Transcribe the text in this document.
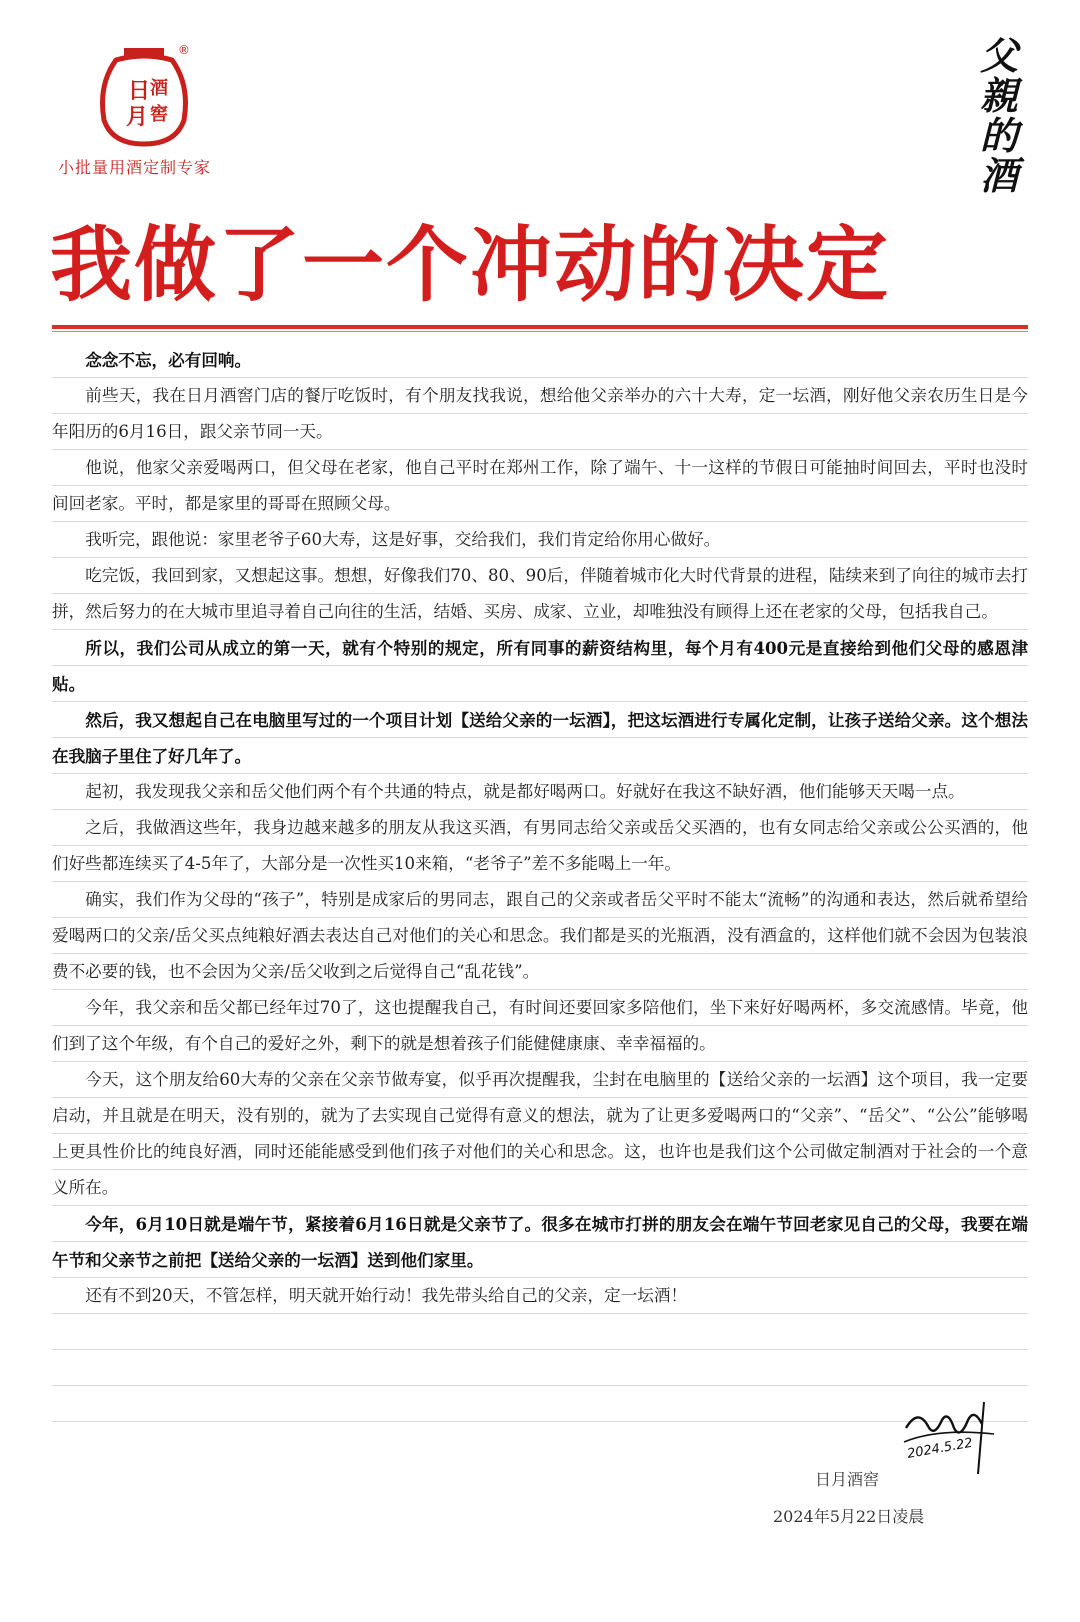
日 酒
月 窖
®
小批量用酒定制专家
父
親
的
酒
我做了一个冲动的决定

念念不忘，必有回响。

前些天，我在日月酒窖门店的餐厅吃饭时，有个朋友找我说，想给他父亲举办的六十大寿，定一坛酒，刚好他父亲农历生日是今年阳历的6月16日，跟父亲节同一天。

他说，他家父亲爱喝两口，但父母在老家，他自己平时在郑州工作，除了端午、十一这样的节假日可能抽时间回去，平时也没时间回老家。平时，都是家里的哥哥在照顾父母。

我听完，跟他说：家里老爷子60大寿，这是好事，交给我们，我们肯定给你用心做好。

吃完饭，我回到家，又想起这事。想想，好像我们70、80、90后，伴随着城市化大时代背景的进程，陆续来到了向往的城市去打拼，然后努力的在大城市里追寻着自己向往的生活，结婚、买房、成家、立业，却唯独没有顾得上还在老家的父母，包括我自己。

所以，我们公司从成立的第一天，就有个特别的规定，所有同事的薪资结构里，每个月有400元是直接给到他们父母的感恩津贴。

然后，我又想起自己在电脑里写过的一个项目计划【送给父亲的一坛酒】，把这坛酒进行专属化定制，让孩子送给父亲。这个想法在我脑子里住了好几年了。

起初，我发现我父亲和岳父他们两个有个共通的特点，就是都好喝两口。好就好在我这不缺好酒，他们能够天天喝一点。

之后，我做酒这些年，我身边越来越多的朋友从我这买酒，有男同志给父亲或岳父买酒的，也有女同志给父亲或公公买酒的，他们好些都连续买了4-5年了，大部分是一次性买10来箱，“老爷子”差不多能喝上一年。

确实，我们作为父母的“孩子”，特别是成家后的男同志，跟自己的父亲或者岳父平时不能太“流畅”的沟通和表达，然后就希望给爱喝两口的父亲/岳父买点纯粮好酒去表达自己对他们的关心和思念。我们都是买的光瓶酒，没有酒盒的，这样他们就不会因为包装浪费不必要的钱，也不会因为父亲/岳父收到之后觉得自己“乱花钱”。

今年，我父亲和岳父都已经年过70了，这也提醒我自己，有时间还要回家多陪他们，坐下来好好喝两杯，多交流感情。毕竟，他们到了这个年级，有个自己的爱好之外，剩下的就是想着孩子们能健健康康、幸幸福福的。

今天，这个朋友给60大寿的父亲在父亲节做寿宴，似乎再次提醒我，尘封在电脑里的【送给父亲的一坛酒】这个项目，我一定要启动，并且就是在明天，没有别的，就为了去实现自己觉得有意义的想法，就为了让更多爱喝两口的“父亲”、“岳父”、“公公”能够喝上更具性价比的纯良好酒，同时还能能感受到他们孩子对他们的关心和思念。这，也许也是我们这个公司做定制酒对于社会的一个意义所在。

今年，6月10日就是端午节，紧接着6月16日就是父亲节了。很多在城市打拼的朋友会在端午节回老家见自己的父母，我要在端午节和父亲节之前把【送给父亲的一坛酒】送到他们家里。

还有不到20天，不管怎样，明天就开始行动！我先带头给自己的父亲，定一坛酒！

2024.5.22
日月酒窖
2024年5月22日凌晨
